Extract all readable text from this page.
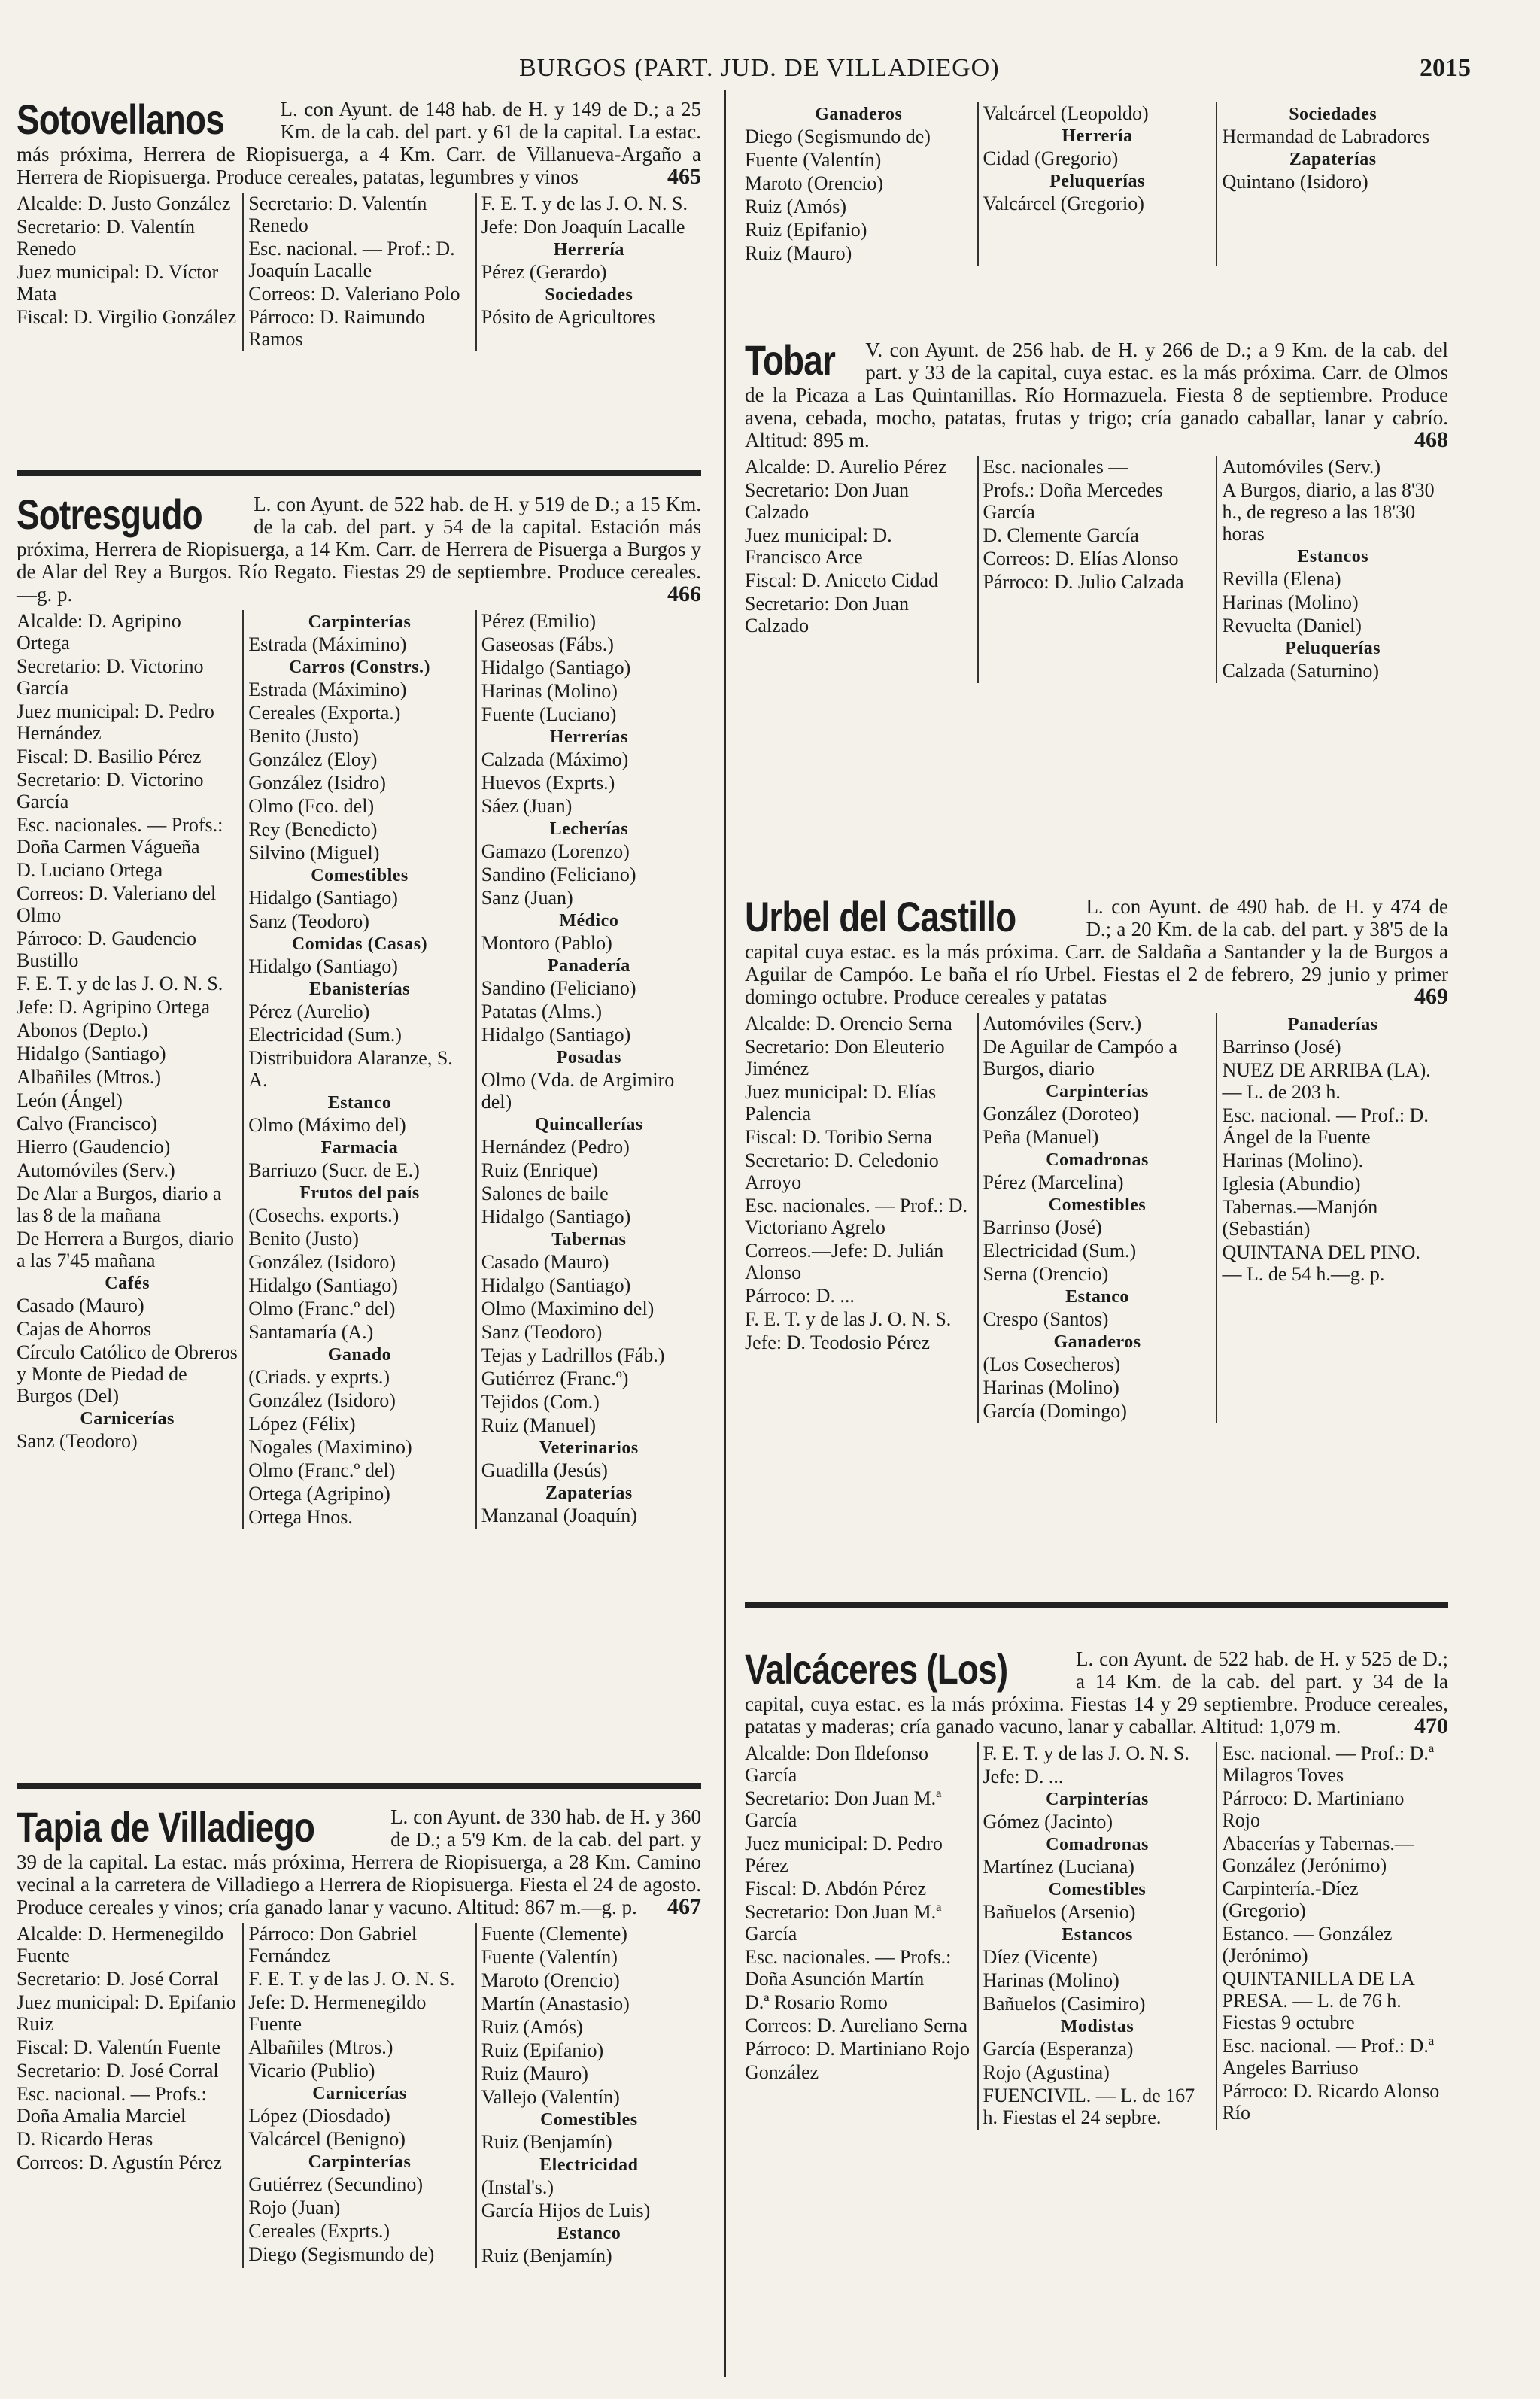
BURGOS (PART. JUD. DE VILLADIEGO)	2015
Sotovellanos	L. con Ayunt. de 148 hab. de H. y 149 de D.; a 25 Km. de la cab. del part. y 61 de la capital. La estac. más próxima, Herrera de Riopisuerga, a 4 Km. Carr. de Villanueva-Argaño a Herrera de Riopisuerga. Produce cereales, patatas, legumbres y vinos	465
Alcalde: D. Justo González
Secretario: D. Valentín Renedo
Juez municipal: D. Víctor Mata
Fiscal: D. Virgilio González
Secretario: D. Valentín Renedo
Esc. nacional. — Prof.: D. Joaquín Lacalle
Correos: D. Valeriano Polo
Párroco: D. Raimundo Ramos
F. E. T. y de las J. O. N. S.
Jefe: Don Joaquín Lacalle
Herrería
Pérez (Gerardo)
Sociedades
Pósito de Agricultores
Sotresgudo	L. con Ayunt. de 522 hab. de H. y 519 de D.; a 15 Km. de la cab. del part. y 54 de la capital. Estación más próxima, Herrera de Riopisuerga, a 14 Km. Carr. de Herrera de Pisuerga a Burgos y de Alar del Rey a Burgos. Río Regato. Fiestas 29 de septiembre. Produce cereales.—g. p.	466
Alcalde: D. Agripino Ortega
Secretario: D. Victorino García
Juez municipal: D. Pedro Hernández
Fiscal: D. Basilio Pérez
Secretario: D. Victorino García
Esc. nacionales. — Profs.: Doña Carmen Vágueña
D. Luciano Ortega
Correos: D. Valeriano del Olmo
Párroco: D. Gaudencio Bustillo
F. E. T. y de las J. O. N. S.
Jefe: D. Agripino Ortega
Abonos (Depto.)
Hidalgo (Santiago)
Albañiles (Mtros.)
León (Ángel)
Calvo (Francisco)
Hierro (Gaudencio)
Automóviles (Serv.)
De Alar a Burgos, diario a las 8 de la mañana
De Herrera a Burgos, diario a las 7'45 mañana
Cafés
Casado (Mauro)
Cajas de Ahorros
Círculo Católico de Obreros y Monte de Piedad de Burgos (Del)
Carnicerías
Sanz (Teodoro)
Carpinterías
Estrada (Máximino)
Carros (Constrs.)
Estrada (Máximino)
Cereales (Exporta.)
Benito (Justo)
González (Eloy)
González (Isidro)
Olmo (Fco. del)
Rey (Benedicto)
Silvino (Miguel)
Comestibles
Hidalgo (Santiago)
Sanz (Teodoro)
Comidas (Casas)
Hidalgo (Santiago)
Ebanisterías
Pérez (Aurelio)
Electricidad (Sum.)
Distribuidora Alaranze, S. A.
Estanco
Olmo (Máximo del)
Farmacia
Barriuzo (Sucr. de E.)
Frutos del país
(Cosechs. exports.)
Benito (Justo)
González (Isidoro)
Hidalgo (Santiago)
Olmo (Franc.º del)
Santamaría (A.)
Ganado
(Criads. y exprts.)
González (Isidoro)
López (Félix)
Nogales (Maximino)
Olmo (Franc.º del)
Ortega (Agripino)
Ortega Hnos.
Pérez (Emilio)
Gaseosas (Fábs.)
Hidalgo (Santiago)
Harinas (Molino)
Fuente (Luciano)
Herrerías
Calzada (Máximo)
Huevos (Exprts.)
Sáez (Juan)
Lecherías
Gamazo (Lorenzo)
Sandino (Feliciano)
Sanz (Juan)
Médico
Montoro (Pablo)
Panadería
Sandino (Feliciano)
Patatas (Alms.)
Hidalgo (Santiago)
Posadas
Olmo (Vda. de Argimiro del)
Quincallerías
Hernández (Pedro)
Ruiz (Enrique)
Salones de baile
Hidalgo (Santiago)
Tabernas
Casado (Mauro)
Hidalgo (Santiago)
Olmo (Maximino del)
Sanz (Teodoro)
Tejas y Ladrillos (Fáb.)
Gutiérrez (Franc.º)
Tejidos (Com.)
Ruiz (Manuel)
Veterinarios
Guadilla (Jesús)
Zapaterías
Manzanal (Joaquín)
Tapia de Villadiego	L. con Ayunt. de 330 hab. de H. y 360 de D.; a 5'9 Km. de la cab. del part. y 39 de la capital. La estac. más próxima, Herrera de Riopisuerga, a 28 Km. Camino vecinal a la carretera de Villadiego a Herrera de Riopisuerga. Fiesta el 24 de agosto. Produce cereales y vinos; cría ganado lanar y vacuno. Altitud: 867 m.—g. p. 467
Alcalde: D. Hermenegildo Fuente
Secretario: D. José Corral
Juez municipal: D. Epifanio Ruiz
Fiscal: D. Valentín Fuente
Secretario: D. José Corral
Esc. nacional. — Profs.: Doña Amalia Marciel
D. Ricardo Heras
Correos: D. Agustín Pérez
Párroco: Don Gabriel Fernández
F. E. T. y de las J. O. N. S.
Jefe: D. Hermenegildo Fuente
Albañiles (Mtros.)
Vicario (Publio)
Carnicerías
López (Diosdado)
Valcárcel (Benigno)
Carpinterías
Gutiérrez (Secundino)
Rojo (Juan)
Cereales (Exprts.)
Diego (Segismundo de)
Fuente (Clemente)
Fuente (Valentín)
Maroto (Orencio)
Martín (Anastasio)
Ruiz (Amós)
Ruiz (Epifanio)
Ruiz (Mauro)
Vallejo (Valentín)
Comestibles
Ruiz (Benjamín)
Electricidad
(Instal's.)
García Hijos de Luis)
Estanco
Ruiz (Benjamín)
Ganaderos
Diego (Segismundo de)
Fuente (Valentín)
Maroto (Orencio)
Ruiz (Amós)
Ruiz (Epifanio)
Ruiz (Mauro)
Valcárcel (Leopoldo)
Herrería
Cidad (Gregorio)
Peluquerías
Valcárcel (Gregorio)
Sociedades
Hermandad de Labradores
Zapaterías
Quintano (Isidoro)
Tobar V. con Ayunt. de 256 hab. de H. y 266 de D.; a 9 Km. de la cab. del part. y 33 de la capital, cuya estac. es la más próxima. Carr. de Olmos de la Picaza a Las Quintanillas. Río Hormazuela. Fiesta 8 de septiembre. Produce avena, cebada, mocho, patatas, frutas y trigo; cría ganado caballar, lanar y cabrío. Altitud: 895 m.	468
Alcalde: D. Aurelio Pérez
Secretario: Don Juan Calzado
Juez municipal: D. Francisco Arce
Fiscal: D. Aniceto Cidad
Secretario: Don Juan Calzado
Esc. nacionales —
Profs.: Doña Mercedes García
D. Clemente García
Correos: D. Elías Alonso
Párroco: D. Julio Calzada
Automóviles (Serv.)
A Burgos, diario, a las 8'30 h., de regreso a las 18'30 horas
Estancos
Revilla (Elena)
Harinas (Molino)
Revuelta (Daniel)
Peluquerías
Calzada (Saturnino)
Urbel del Castillo	L. con Ayunt. de 490 hab. de H. y 474 de D.; a 20 Km. de la cab. del part. y 38'5 de la capital cuya estac. es la más próxima. Carr. de Saldaña a Santander y la de Burgos a Aguilar de Campóo. Le baña el río Urbel. Fiestas el 2 de febrero, 29 junio y primer domingo octubre. Produce cereales y patatas	469
Alcalde: D. Orencio Serna
Secretario: Don Eleuterio Jiménez
Juez municipal: D. Elías Palencia
Fiscal: D. Toribio Serna
Secretario: D. Celedonio Arroyo
Esc. nacionales. — Prof.: D. Victoriano Agrelo
Correos.—Jefe: D. Julián Alonso
Párroco: D. ...
F. E. T. y de las J. O. N. S.
Jefe: D. Teodosio Pérez
Automóviles (Serv.)
De Aguilar de Campóo a Burgos, diario
Carpinterías
González (Doroteo)
Peña (Manuel)
Comadronas
Pérez (Marcelina)
Comestibles
Barrinso (José)
Electricidad (Sum.)
Serna (Orencio)
Estanco
Crespo (Santos)
Ganaderos
(Los Cosecheros)
Harinas (Molino)
García (Domingo)
Panaderías
Barrinso (José)
NUEZ DE ARRIBA (LA). — L. de 203 h.
Esc. nacional. — Prof.: D. Ángel de la Fuente
Harinas (Molino).
Iglesia (Abundio)
Tabernas.—Manjón (Sebastián)
QUINTANA DEL PINO. — L. de 54 h.—g. p.
Valcáceres (Los)	L. con Ayunt. de 522 hab. de H. y 525 de D.; a 14 Km. de la cab. del part. y 34 de la capital, cuya estac. es la más próxima. Fiestas 14 y 29 septiembre. Produce cereales, patatas y maderas; cría ganado vacuno, lanar y caballar. Altitud: 1,079 m.	470
Alcalde: Don Ildefonso García
Secretario: Don Juan M.ª García
Juez municipal: D. Pedro Pérez
Fiscal: D. Abdón Pérez
Secretario: Don Juan M.ª García
Esc. nacionales. — Profs.: Doña Asunción Martín
D.ª Rosario Romo
Correos: D. Aureliano Serna
Párroco: D. Martiniano Rojo
González
F. E. T. y de las J. O. N. S.
Jefe: D. ...
Carpinterías
Gómez (Jacinto)
Comadronas
Martínez (Luciana)
Comestibles
Bañuelos (Arsenio)
Estancos
Díez (Vicente)
Harinas (Molino)
Bañuelos (Casimiro)
Modistas
García (Esperanza)
Rojo (Agustina)
FUENCIVIL. — L. de 167 h. Fiestas el 24 sepbre.
Esc. nacional. — Prof.: D.ª Milagros Toves
Párroco: D. Martiniano Rojo
Abacerías y Tabernas.— González (Jerónimo)
Carpintería.-Díez (Gregorio)
Estanco. — González (Jerónimo)
QUINTANILLA DE LA PRESA. — L. de 76 h. Fiestas 9 octubre
Esc. nacional. — Prof.: D.ª Angeles Barriuso
Párroco: D. Ricardo Alonso Río
